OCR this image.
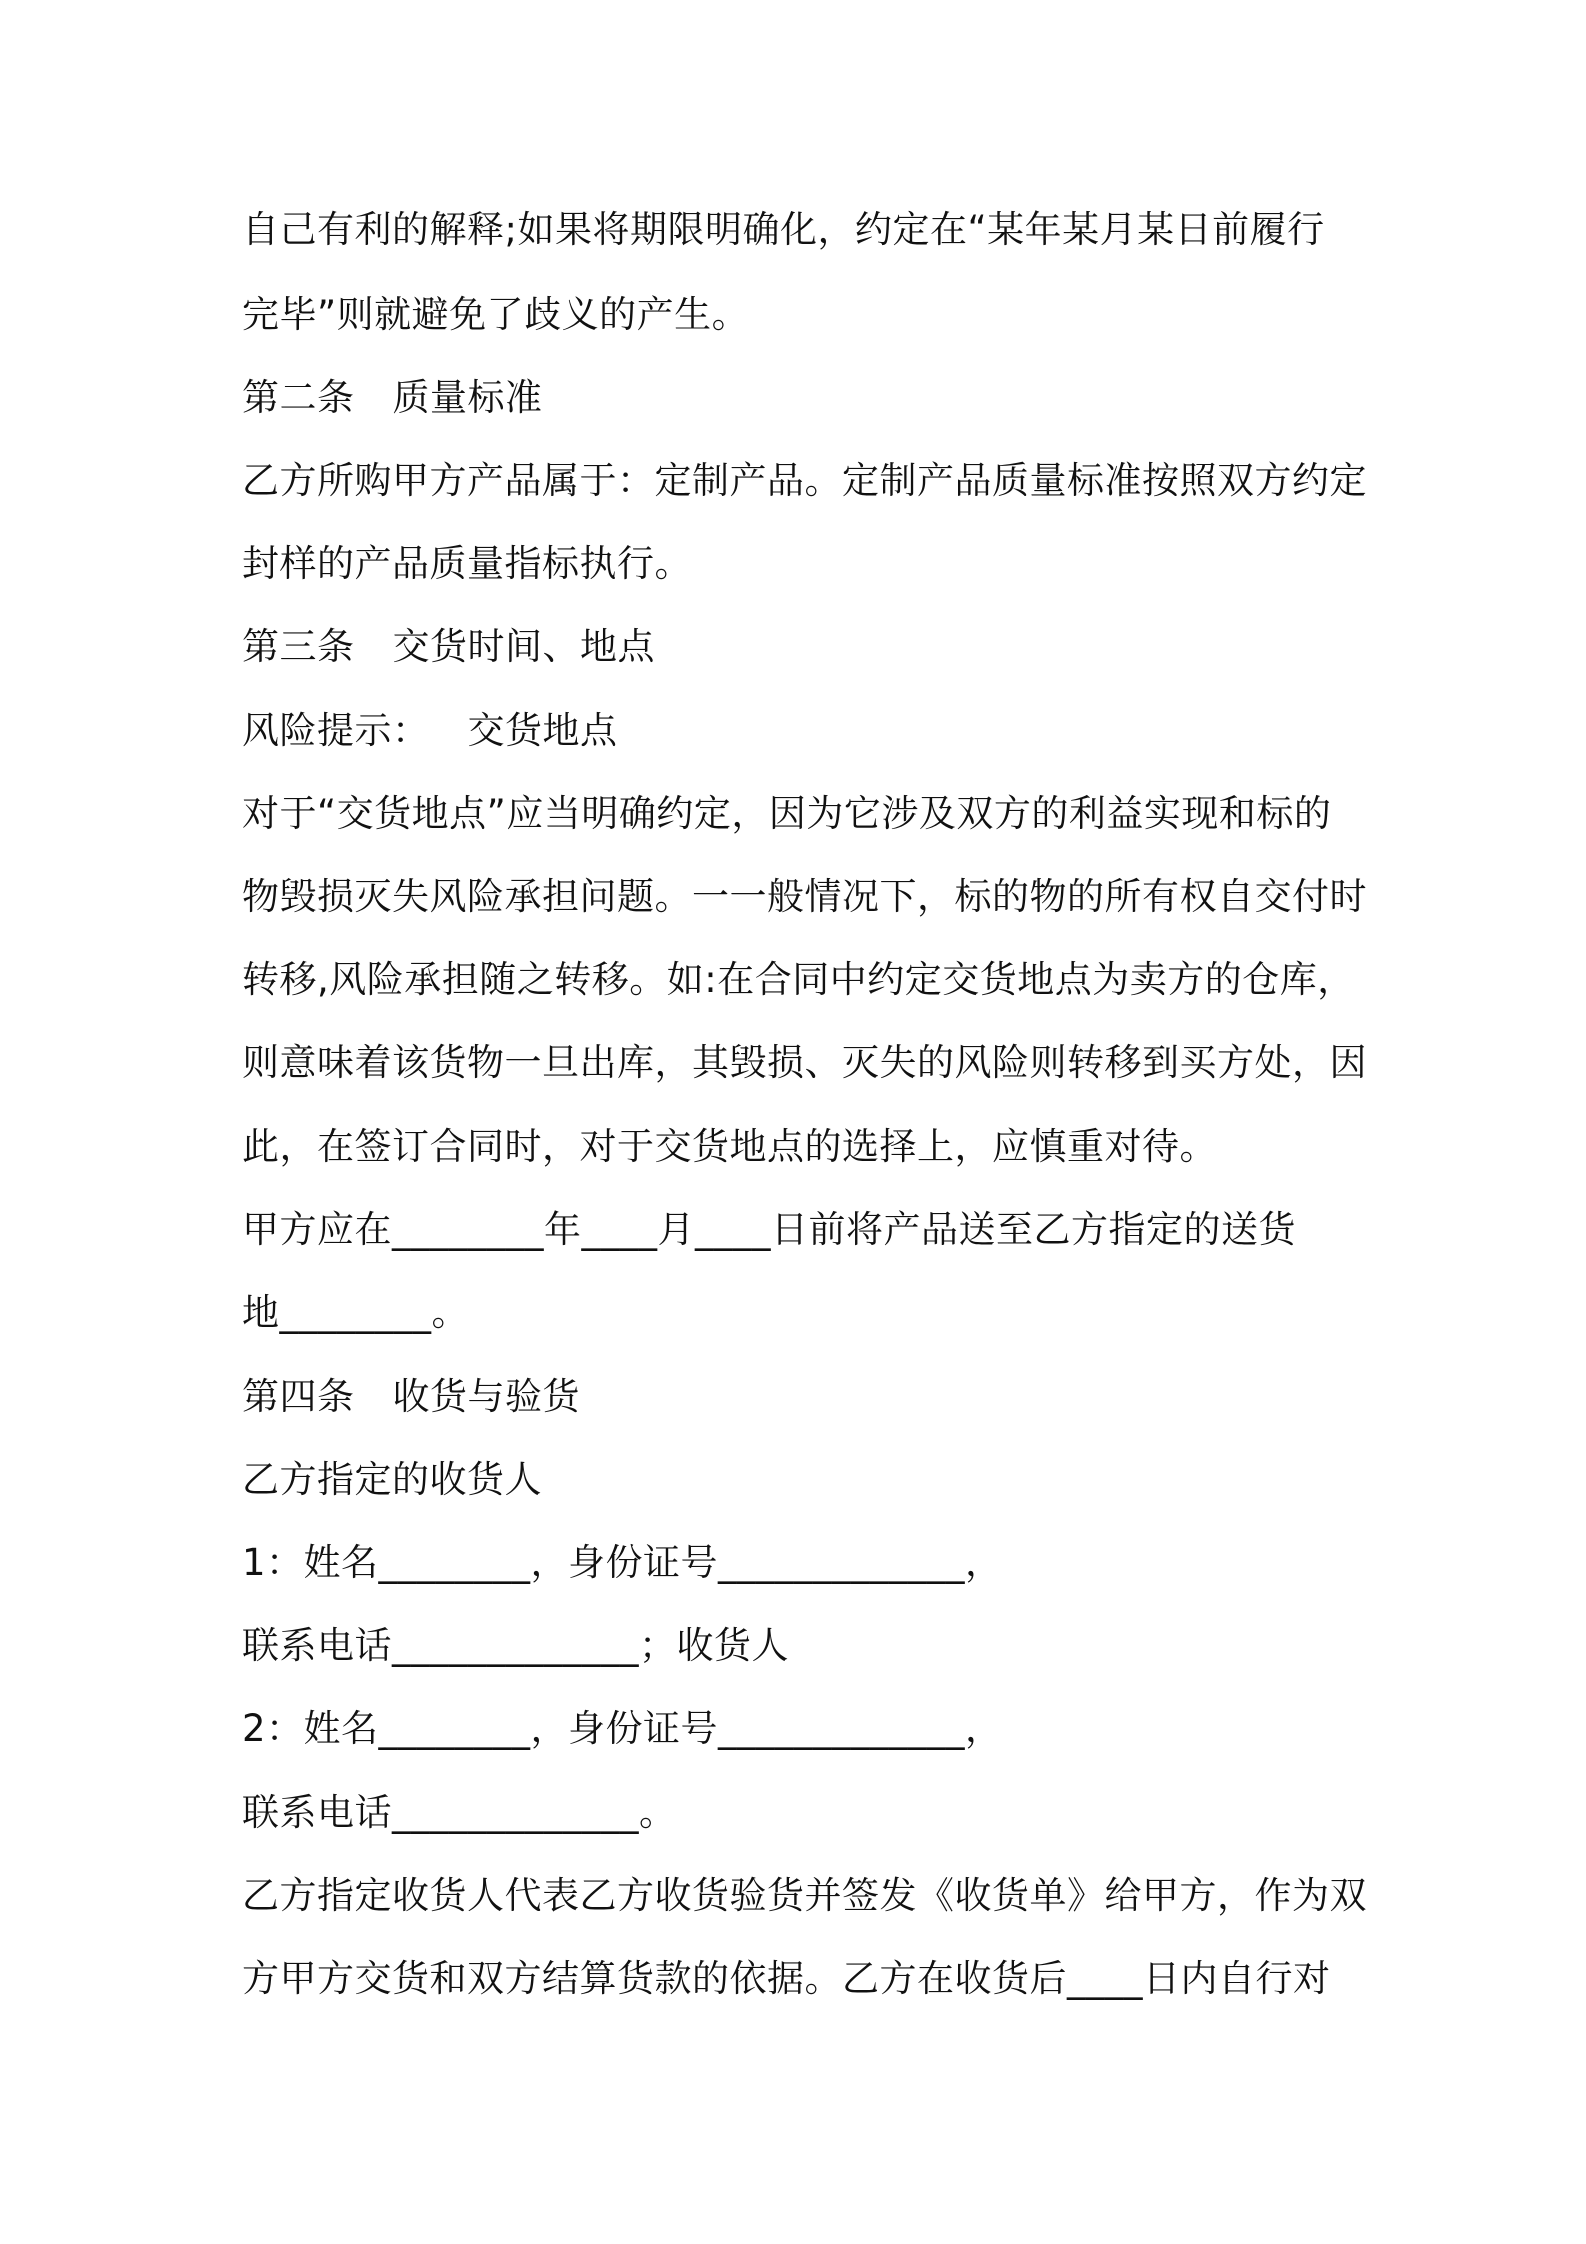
自己有利的解释;如果将期限明确化，约定在“某年某月某日前履行
完毕”则就避免了歧义的产生。
第二条 质量标准
乙方所购甲方产品属于：定制产品。定制产品质量标准按照双方约定
封样的产品质量指标执行。
第三条 交货时间、地点
风险提示： 交货地点
对于“交货地点”应当明确约定，因为它涉及双方的利益实现和标的
物毁损灭失风险承担问题。一一般情况下，标的物的所有权自交付时
转移,风险承担随之转移。如:在合同中约定交货地点为卖方的仓库，
则意味着该货物一旦出库，其毁损、灭失的风险则转移到买方处，因
此，在签订合同时，对于交货地点的选择上，应慎重对待。
甲方应在________年____月____日前将产品送至乙方指定的送货
地________。
第四条 收货与验货
乙方指定的收货人
1：姓名________，身份证号_____________，
联系电话_____________；收货人
2：姓名________，身份证号_____________，
联系电话_____________。
乙方指定收货人代表乙方收货验货并签发《收货单》给甲方，作为双
方甲方交货和双方结算货款的依据。乙方在收货后____日内自行对
